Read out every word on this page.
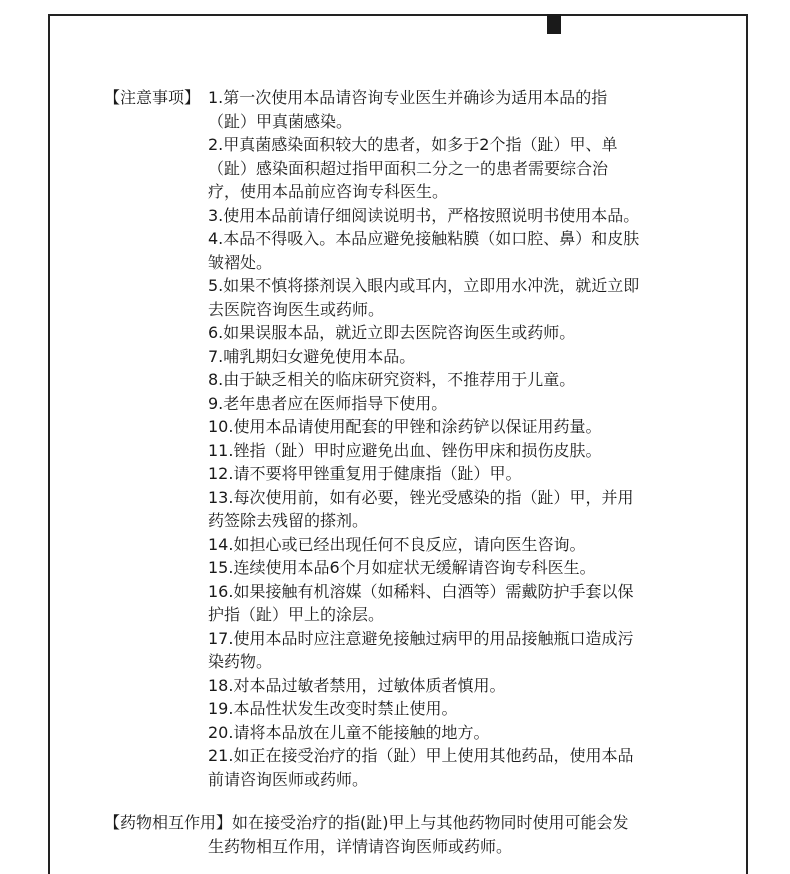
【注意事项】 1.第一次使用本品请咨询专业医生并确诊为适用本品的指
（趾）甲真菌感染。
2.甲真菌感染面积较大的患者，如多于2个指（趾）甲、单
（趾）感染面积超过指甲面积二分之一的患者需要综合治
疗，使用本品前应咨询专科医生。
3.使用本品前请仔细阅读说明书，严格按照说明书使用本品。
4.本品不得吸入。本品应避免接触粘膜（如口腔、鼻）和皮肤
皱褶处。
5.如果不慎将搽剂误入眼内或耳内，立即用水冲洗，就近立即
去医院咨询医生或药师。
6.如果误服本品，就近立即去医院咨询医生或药师。
7.哺乳期妇女避免使用本品。
8.由于缺乏相关的临床研究资料，不推荐用于儿童。
9.老年患者应在医师指导下使用。
10.使用本品请使用配套的甲锉和涂药铲以保证用药量。
11.锉指（趾）甲时应避免出血、锉伤甲床和损伤皮肤。
12.请不要将甲锉重复用于健康指（趾）甲。
13.每次使用前，如有必要，锉光受感染的指（趾）甲，并用
药签除去残留的搽剂。
14.如担心或已经出现任何不良反应，请向医生咨询。
15.连续使用本品6个月如症状无缓解请咨询专科医生。
16.如果接触有机溶媒（如稀料、白酒等）需戴防护手套以保
护指（趾）甲上的涂层。
17.使用本品时应注意避免接触过病甲的用品接触瓶口造成污
染药物。
18.对本品过敏者禁用，过敏体质者慎用。
19.本品性状发生改变时禁止使用。
20.请将本品放在儿童不能接触的地方。
21.如正在接受治疗的指（趾）甲上使用其他药品，使用本品
前请咨询医师或药师。
【药物相互作用】如在接受治疗的指(趾)甲上与其他药物同时使用可能会发
生药物相互作用，详情请咨询医师或药师。
